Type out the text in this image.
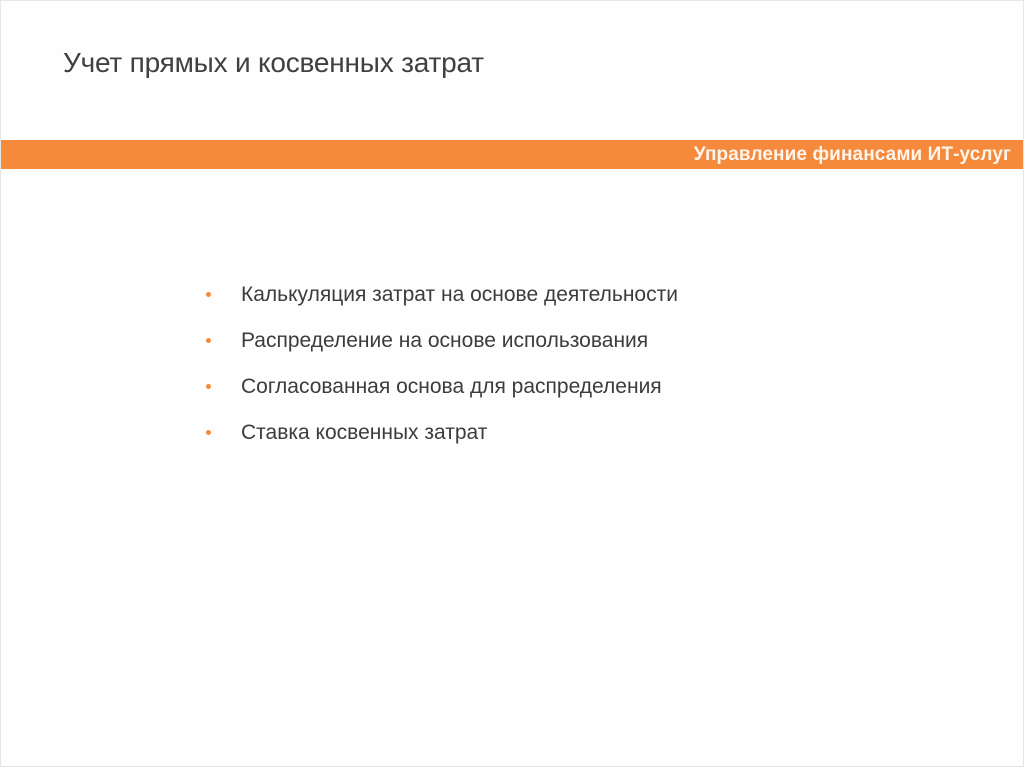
Учет прямых и косвенных затрат
Управление финансами ИТ-услуг
Калькуляция затрат на основе деятельности
Распределение на основе использования
Согласованная основа для распределения
Ставка косвенных затрат
